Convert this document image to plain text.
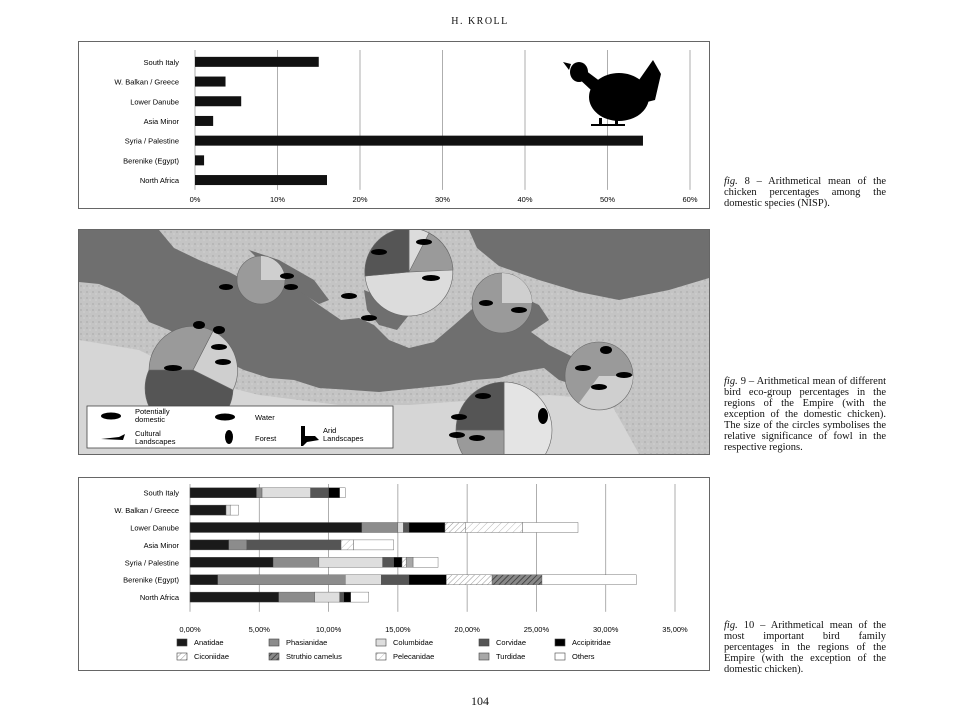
H. KROLL
0%	10%	20%	30%	40%	50%	60%
South Italy
W. Balkan / Greece
Lower Danube
Asia Minor
Syria / Palestine
Berenike (Egypt)
North Africa	fig. 8 – Arithmetical mean of the chicken percentages among the domestic species (NISP).
Potentially
domestic	Water
Cultural
Landscapes	Forest
Arid
Landscapes
fig. 9 – Arithmetical mean of different bird eco-group percentages in the regions of the Empire (with the exception of the domestic chicken). The size of the circles symbolises the relative significance of fowl in the respective regions.
0,00%	5,00%	10,00%	15,00%	20,00%	25,00%	30,00%	35,00%
South Italy
W. Balkan / Greece
Lower Danube
Asia Minor
Syria / Palestine
Berenike (Egypt)
North Africa
Anatidae	Phasianidae	Columbidae	Corvidae	Accipitridae
Ciconiidae	Struthio camelus	Pelecanidae	Turdidae	Others
fig. 10 – Arithmetical mean of the most important bird family percentages in the regions of the Empire (with the exception of the domestic chicken).
104
